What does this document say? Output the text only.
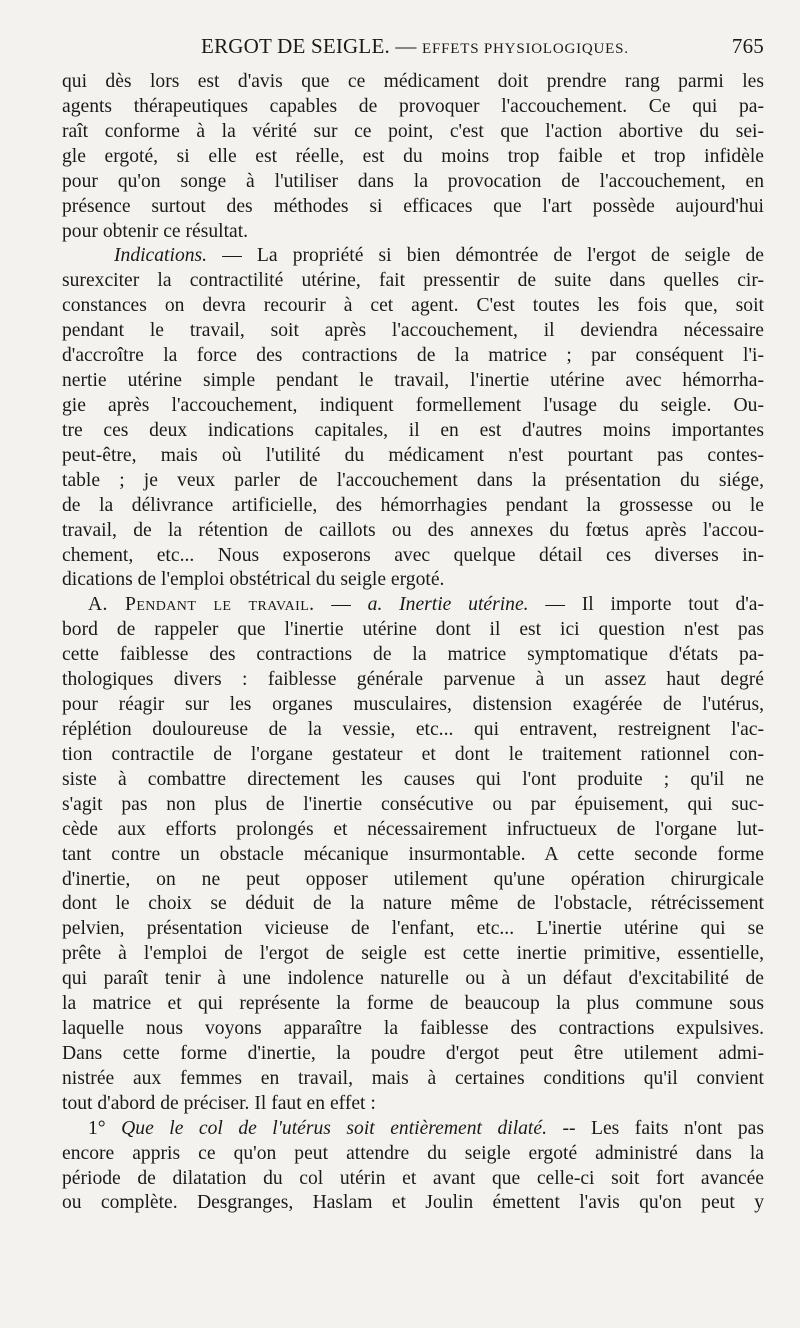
ERGOT DE SEIGLE. — EFFETS PHYSIOLOGIQUES.	765

qui dès lors est d'avis que ce médicament doit prendre rang parmi les

agents thérapeutiques capables de provoquer l'accouchement. Ce qui pa-

raît conforme à la vérité sur ce point, c'est que l'action abortive du sei-

gle ergoté, si elle est réelle, est du moins trop faible et trop infidèle

pour qu'on songe à l'utiliser dans la provocation de l'accouchement, en

présence surtout des méthodes si efficaces que l'art possède aujourd'hui

pour obtenir ce résultat.

Indications. — La propriété si bien démontrée de l'ergot de seigle de

surexciter la contractilité utérine, fait pressentir de suite dans quelles cir-

constances on devra recourir à cet agent. C'est toutes les fois que, soit

pendant le travail, soit après l'accouchement, il deviendra nécessaire

d'accroître la force des contractions de la matrice ; par conséquent l'i-

nertie utérine simple pendant le travail, l'inertie utérine avec hémorrha-

gie après l'accouchement, indiquent formellement l'usage du seigle. Ou-

tre ces deux indications capitales, il en est d'autres moins importantes

peut-être, mais où l'utilité du médicament n'est pourtant pas contes-

table ; je veux parler de l'accouchement dans la présentation du siége,

de la délivrance artificielle, des hémorrhagies pendant la grossesse ou le

travail, de la rétention de caillots ou des annexes du fœtus après l'accou-

chement, etc... Nous exposerons avec quelque détail ces diverses in-

dications de l'emploi obstétrical du seigle ergoté.

A. Pendant le travail. — a. Inertie utérine. — Il importe tout d'a-

bord de rappeler que l'inertie utérine dont il est ici question n'est pas

cette faiblesse des contractions de la matrice symptomatique d'états pa-

thologiques divers : faiblesse générale parvenue à un assez haut degré

pour réagir sur les organes musculaires, distension exagérée de l'utérus,

réplétion douloureuse de la vessie, etc... qui entravent, restreignent l'ac-

tion contractile de l'organe gestateur et dont le traitement rationnel con-

siste à combattre directement les causes qui l'ont produite ; qu'il ne

s'agit pas non plus de l'inertie consécutive ou par épuisement, qui suc-

cède aux efforts prolongés et nécessairement infructueux de l'organe lut-

tant contre un obstacle mécanique insurmontable. A cette seconde forme

d'inertie, on ne peut opposer utilement qu'une opération chirurgicale

dont le choix se déduit de la nature même de l'obstacle, rétrécissement

pelvien, présentation vicieuse de l'enfant, etc... L'inertie utérine qui se

prête à l'emploi de l'ergot de seigle est cette inertie primitive, essentielle,

qui paraît tenir à une indolence naturelle ou à un défaut d'excitabilité de

la matrice et qui représente la forme de beaucoup la plus commune sous

laquelle nous voyons apparaître la faiblesse des contractions expulsives.

Dans cette forme d'inertie, la poudre d'ergot peut être utilement admi-

nistrée aux femmes en travail, mais à certaines conditions qu'il convient

tout d'abord de préciser. Il faut en effet :

1° Que le col de l'utérus soit entièrement dilaté. -- Les faits n'ont pas

encore appris ce qu'on peut attendre du seigle ergoté administré dans la

période de dilatation du col utérin et avant que celle-ci soit fort avancée

ou complète. Desgranges, Haslam et Joulin émettent l'avis qu'on peut y
